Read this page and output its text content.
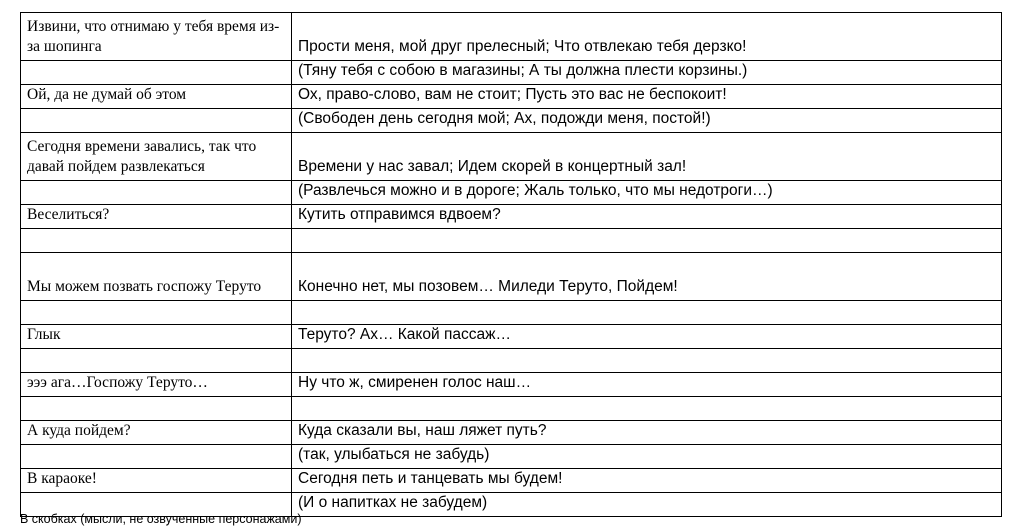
Извини, что отнимаю у тебя время из-за шопинга	Прости меня, мой друг прелесный; Что отвлекаю тебя дерзко!
	(Тяну тебя с собою в магазины; А ты должна плести корзины.)
Ой, да не думай об этом	Ох, право-слово, вам не стоит; Пусть это вас не беспокоит!
	(Свободен день сегодня мой; Ах, подожди меня, постой!)
Сегодня времени завались, так что давай пойдем развлекаться	Времени у нас завал; Идем скорей в концертный зал!
	(Развлечься можно и в дороге; Жаль только, что мы недотроги…)
Веселиться?	Кутить отправимся вдвоем?

Мы можем позвать госпожу Теруто	Конечно нет, мы позовем… Миледи Теруто, Пойдем!

Глык	Теруто? Ах… Какой пассаж…

эээ ага…Госпожу Теруто…	Ну что ж, смиренен голос наш…

А куда пойдем?	Куда сказали вы, наш ляжет путь?
	(так, улыбаться не забудь)
В караоке!	Сегодня петь и танцевать мы будем!
	(И о напитках не забудем)
В скобках (мысли, не озвученные персонажами)
